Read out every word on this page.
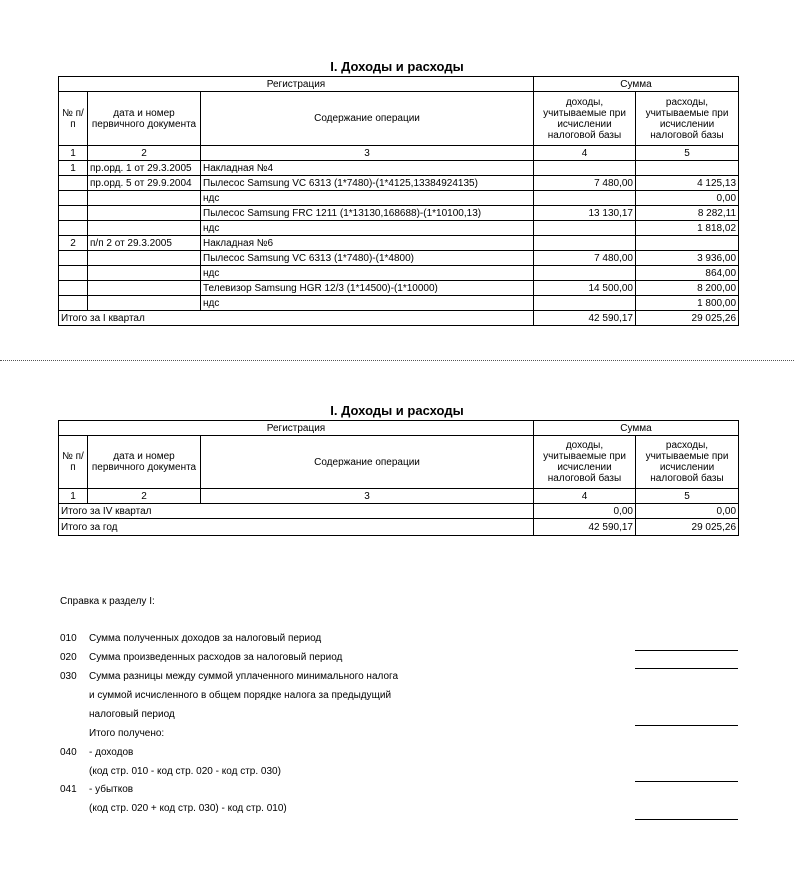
I. Доходы и расходы
Регистрация			Сумма	
№ п/п	дата и номер первичного документа	Содержание операции	доходы, учитываемые при исчислении налоговой базы	расходы, учитываемые при исчислении налоговой базы
1	2	3	4	5
1	пр.орд. 1 от 29.3.2005	Накладная №4		
	пр.орд. 5 от 29.9.2004	Пылесос Samsung VC 6313 (1*7480)-(1*4125,13384924135)	7 480,00	4 125,13
		ндс		0,00
		Пылесос Samsung FRC 1211 (1*13130,168688)-(1*10100,13)	13 130,17	8 282,11
		ндс		1 818,02
2	п/п 2 от 29.3.2005	Накладная №6		
		Пылесос Samsung VC 6313 (1*7480)-(1*4800)	7 480,00	3 936,00
		ндс		864,00
		Телевизор Samsung HGR 12/3 (1*14500)-(1*10000)	14 500,00	8 200,00
		ндс		1 800,00
Итого за I квартал			42 590,17	29 025,26
I. Доходы и расходы
Регистрация			Сумма	
№ п/п	дата и номер первичного документа	Содержание операции	доходы, учитываемые при исчислении налоговой базы	расходы, учитываемые при исчислении налоговой базы
1	2	3	4	5
Итого за IV квартал			0,00	0,00
Итого за год			42 590,17	29 025,26
Справка к разделу I:
010 Сумма полученных доходов за налоговый период
020 Сумма произведенных расходов за налоговый период
030 Сумма разницы между суммой уплаченного минимального налога
и суммой исчисленного в общем порядке налога за предыдущий
налоговый период
Итого получено:
040 - доходов
(код стр. 010 - код стр. 020 - код стр. 030)
041 - убытков
(код стр. 020 + код стр. 030) - код стр. 010)
